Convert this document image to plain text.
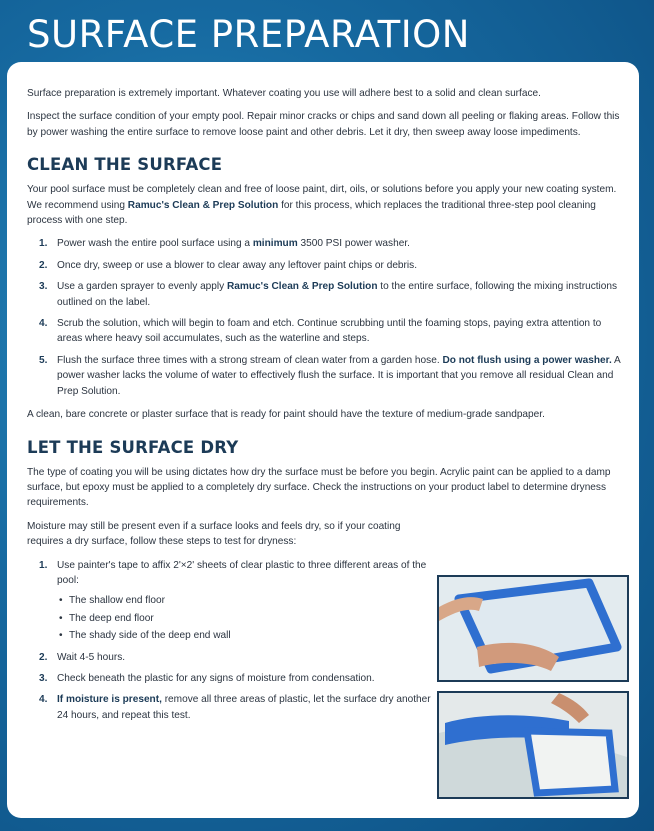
SURFACE PREPARATION

Surface preparation is extremely important. Whatever coating you use will adhere best to a solid and clean surface.

Inspect the surface condition of your empty pool. Repair minor cracks or chips and sand down all peeling or flaking areas. Follow this by power washing the entire surface to remove loose paint and other debris. Let it dry, then sweep away loose impediments.

CLEAN THE SURFACE

Your pool surface must be completely clean and free of loose paint, dirt, oils, or solutions before you apply your new coating system. We recommend using Ramuc's Clean & Prep Solution for this process, which replaces the traditional three-step pool cleaning process with one step.

1. Power wash the entire pool surface using a minimum 3500 PSI power washer.
2. Once dry, sweep or use a blower to clear away any leftover paint chips or debris.
3. Use a garden sprayer to evenly apply Ramuc's Clean & Prep Solution to the entire surface, following the mixing instructions outlined on the label.
4. Scrub the solution, which will begin to foam and etch. Continue scrubbing until the foaming stops, paying extra attention to areas where heavy soil accumulates, such as the waterline and steps.
5. Flush the surface three times with a strong stream of clean water from a garden hose. Do not flush using a power washer. A power washer lacks the volume of water to effectively flush the surface. It is important that you remove all residual Clean and Prep Solution.

A clean, bare concrete or plaster surface that is ready for paint should have the texture of medium-grade sandpaper.

LET THE SURFACE DRY

The type of coating you will be using dictates how dry the surface must be before you begin. Acrylic paint can be applied to a damp surface, but epoxy must be applied to a completely dry surface. Check the instructions on your product label to determine dryness requirements.

Moisture may still be present even if a surface looks and feels dry, so if your coating requires a dry surface, follow these steps to test for dryness:

1. Use painter's tape to affix 2'×2' sheets of clear plastic to three different areas of the pool:
• The shallow end floor
• The deep end floor
• The shady side of the deep end wall
2. Wait 4-5 hours.
3. Check beneath the plastic for any signs of moisture from condensation.
4. If moisture is present, remove all three areas of plastic, let the surface dry another 24 hours, and repeat this test.
